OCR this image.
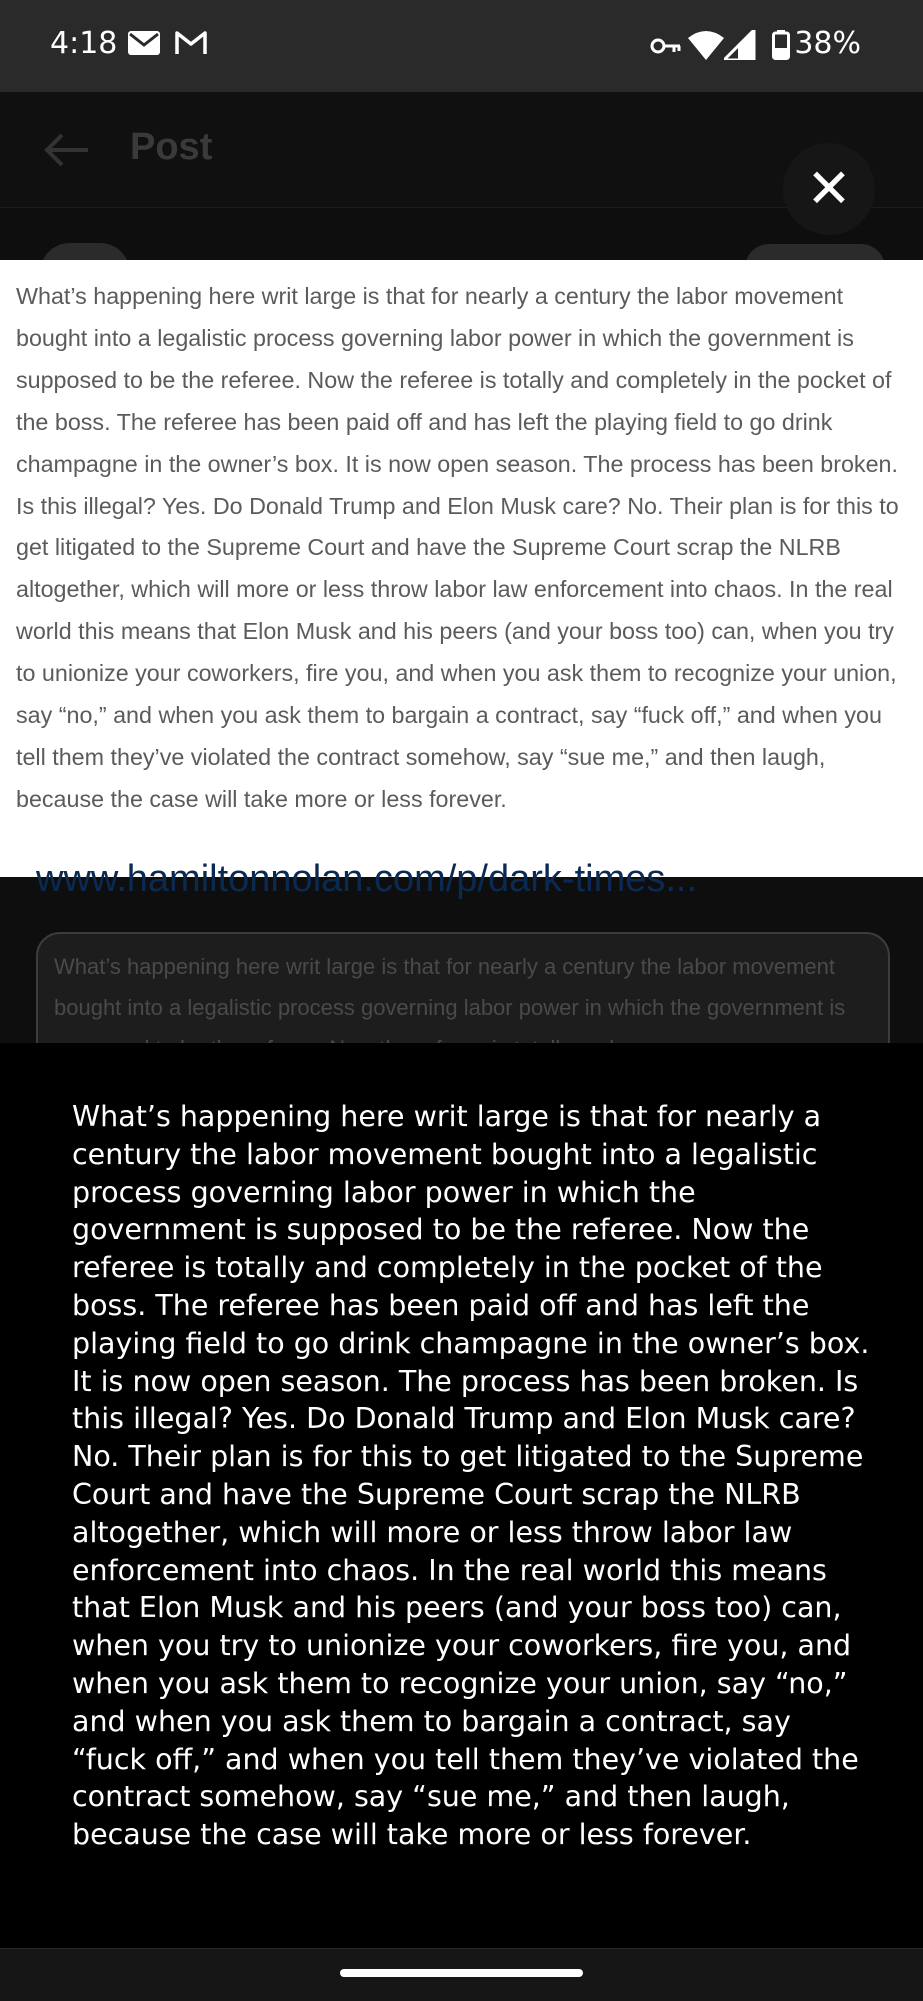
4:18	38%
Post
✕

What’s happening here writ large is that for nearly a century the labor movement bought into a legalistic process governing labor power in which the government is supposed to be the referee. Now the referee is totally and completely in the pocket of the boss. The referee has been paid off and has left the playing field to go drink champagne in the owner’s box. It is now open season. The process has been broken. Is this illegal? Yes. Do Donald Trump and Elon Musk care? No. Their plan is for this to get litigated to the Supreme Court and have the Supreme Court scrap the NLRB altogether, which will more or less throw labor law enforcement into chaos. In the real world this means that Elon Musk and his peers (and your boss too) can, when you try to unionize your coworkers, fire you, and when you ask them to recognize your union, say “no,” and when you ask them to bargain a contract, say “fuck off,” and when you tell them they’ve violated the contract somehow, say “sue me,” and then laugh, because the case will take more or less forever.

www.hamiltonnolan.com/p/dark-times...

What’s happening here writ large is that for nearly a century the labor movement bought into a legalistic process governing labor power in which the government is

What’s happening here writ large is that for nearly a century the labor movement bought into a legalistic process governing labor power in which the government is supposed to be the referee. Now the referee is totally and completely in the pocket of the boss. The referee has been paid off and has left the playing field to go drink champagne in the owner’s box. It is now open season. The process has been broken. Is this illegal? Yes. Do Donald Trump and Elon Musk care? No. Their plan is for this to get litigated to the Supreme Court and have the Supreme Court scrap the NLRB altogether, which will more or less throw labor law enforcement into chaos. In the real world this means that Elon Musk and his peers (and your boss too) can, when you try to unionize your coworkers, fire you, and when you ask them to recognize your union, say “no,” and when you ask them to bargain a contract, say “fuck off,” and when you tell them they’ve violated the contract somehow, say “sue me,” and then laugh, because the case will take more or less forever.
